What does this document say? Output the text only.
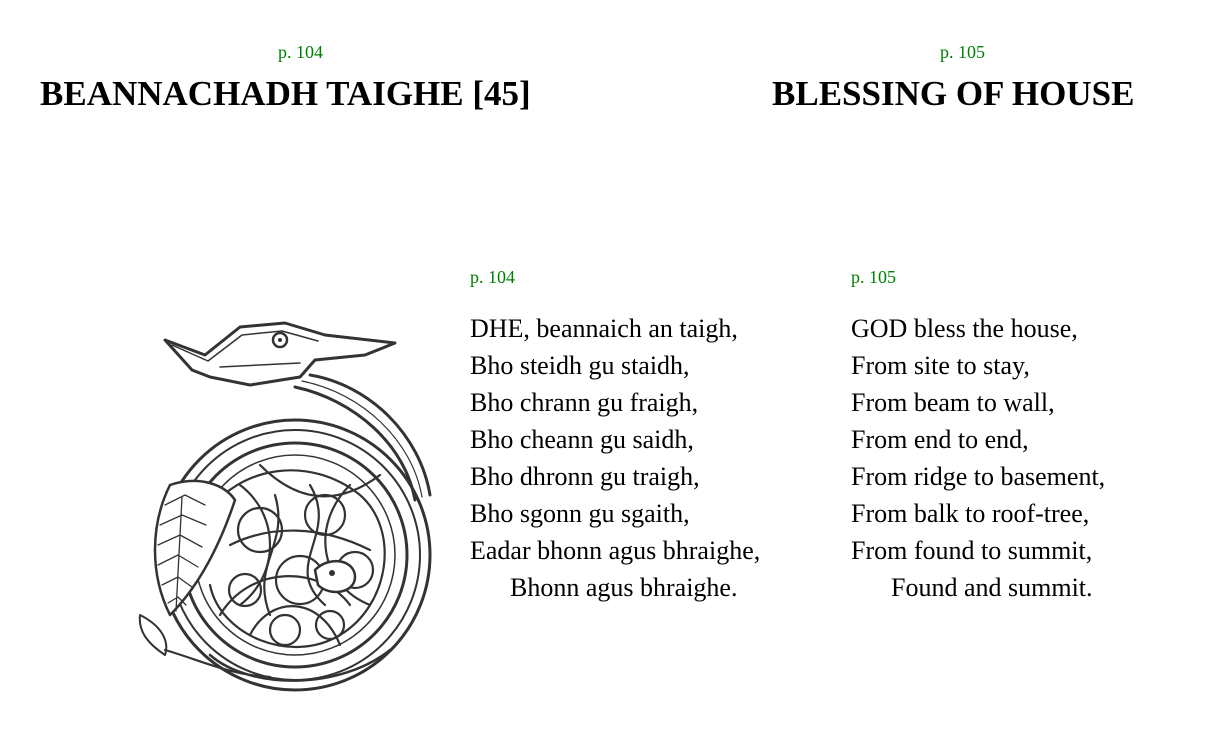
p. 104
BEANNACHADH TAIGHE [45]
p. 105
BLESSING OF HOUSE
p. 104
DHE, beannaich an taigh,
Bho steidh gu staidh,
Bho chrann gu fraigh,
Bho cheann gu saidh,
Bho dhronn gu traigh,
Bho sgonn gu sgaith,
Eadar bhonn agus bhraighe,
Bhonn agus bhraighe.
p. 105
GOD bless the house,
From site to stay,
From beam to wall,
From end to end,
From ridge to basement,
From balk to roof-tree,
From found to summit,
Found and summit.
